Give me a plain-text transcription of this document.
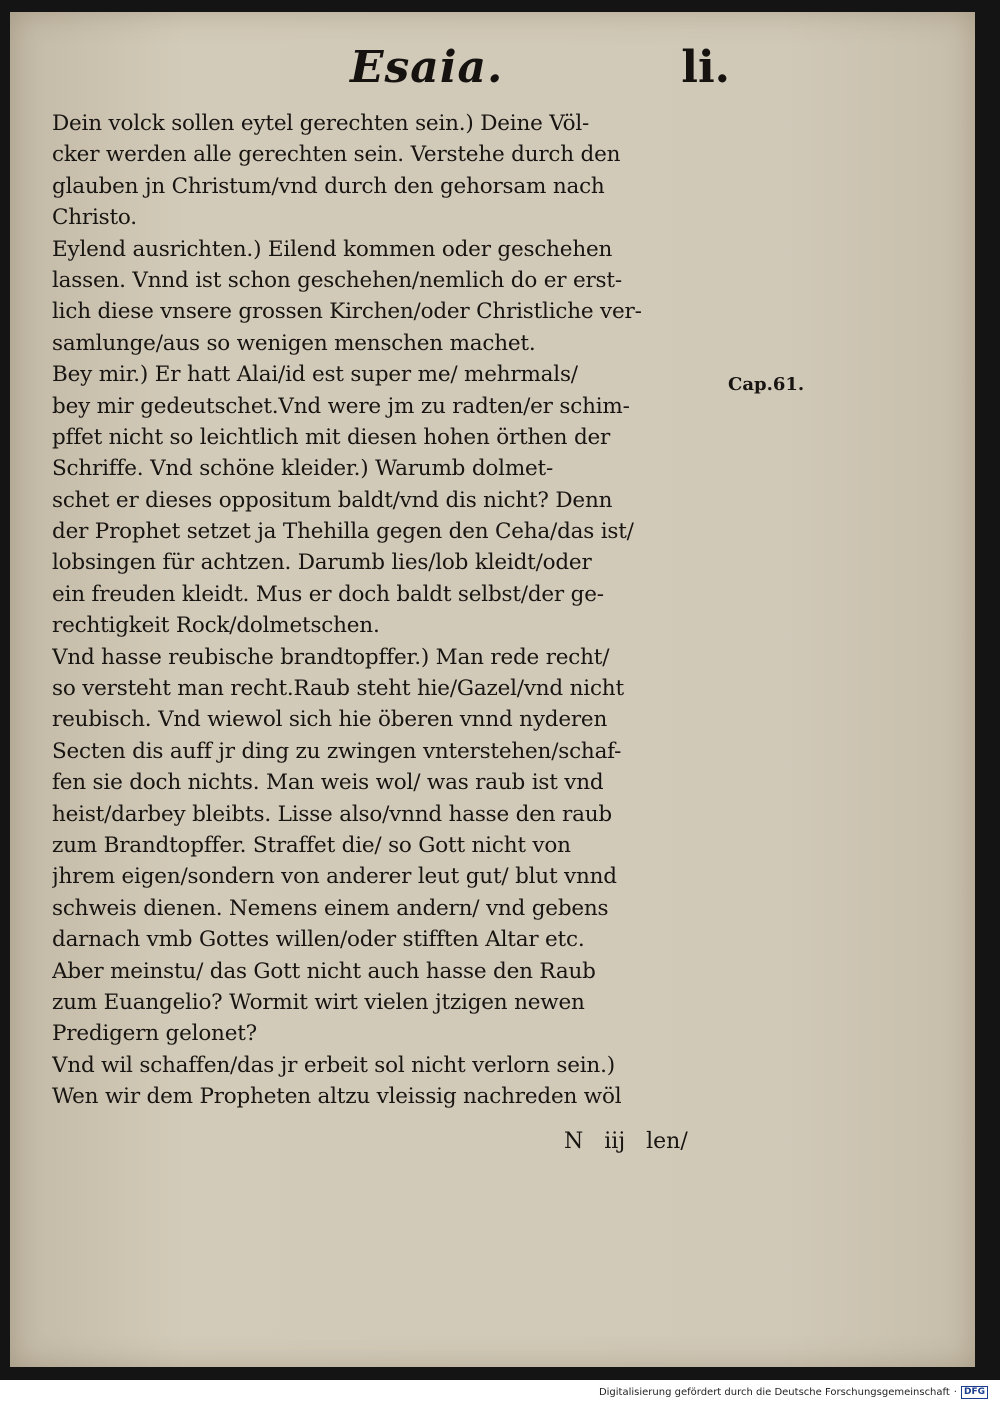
Esaia.	li.
Dein volck sollen eytel gerechten sein.) Deine Völ-
cker werden alle gerechten sein. Verstehe durch den
glauben jn Christum/vnd durch den gehorsam nach
Christo.
Eylend ausrichten.) Eilend kommen oder geschehen
lassen. Vnnd ist schon geschehen/nemlich do er erst-
lich diese vnsere grossen Kirchen/oder Christliche ver-
samlunge/aus so wenigen menschen machet.
Bey mir.) Er hatt Alai/id est super me/ mehrmals/
bey mir gedeutschet.Vnd were jm zu radten/er schim-
pffet nicht so leichtlich mit diesen hohen örthen der
Schriffe. Vnd schöne kleider.) Warumb dolmet-
schet er dieses oppositum baldt/vnd dis nicht? Denn
der Prophet setzet ja Thehilla gegen den Ceha/das ist/
lobsingen für achtzen. Darumb lies/lob kleidt/oder
ein freuden kleidt. Mus er doch baldt selbst/der ge-
rechtigkeit Rock/dolmetschen.
Vnd hasse reubische brandtopffer.) Man rede recht/
so versteht man recht.Raub steht hie/Gazel/vnd nicht
reubisch. Vnd wiewol sich hie öberen vnnd nyderen
Secten dis auff jr ding zu zwingen vnterstehen/schaf-
fen sie doch nichts. Man weis wol/ was raub ist vnd
heist/darbey bleibts. Lisse also/vnnd hasse den raub
zum Brandtopffer. Straffet die/ so Gott nicht von
jhrem eigen/sondern von anderer leut gut/ blut vnnd
schweis dienen. Nemens einem andern/ vnd gebens
darnach vmb Gottes willen/oder stifften Altar etc.
Aber meinstu/ das Gott nicht auch hasse den Raub
zum Euangelio? Wormit wirt vielen jtzigen newen
Predigern gelonet?
Vnd wil schaffen/das jr erbeit sol nicht verlorn sein.)
Wen wir dem Propheten altzu vleissig nachreden wöl
Cap.61.
N iij len/
Digitalisierung gefördert durch die Deutsche Forschungsgemeinschaft · DFG
